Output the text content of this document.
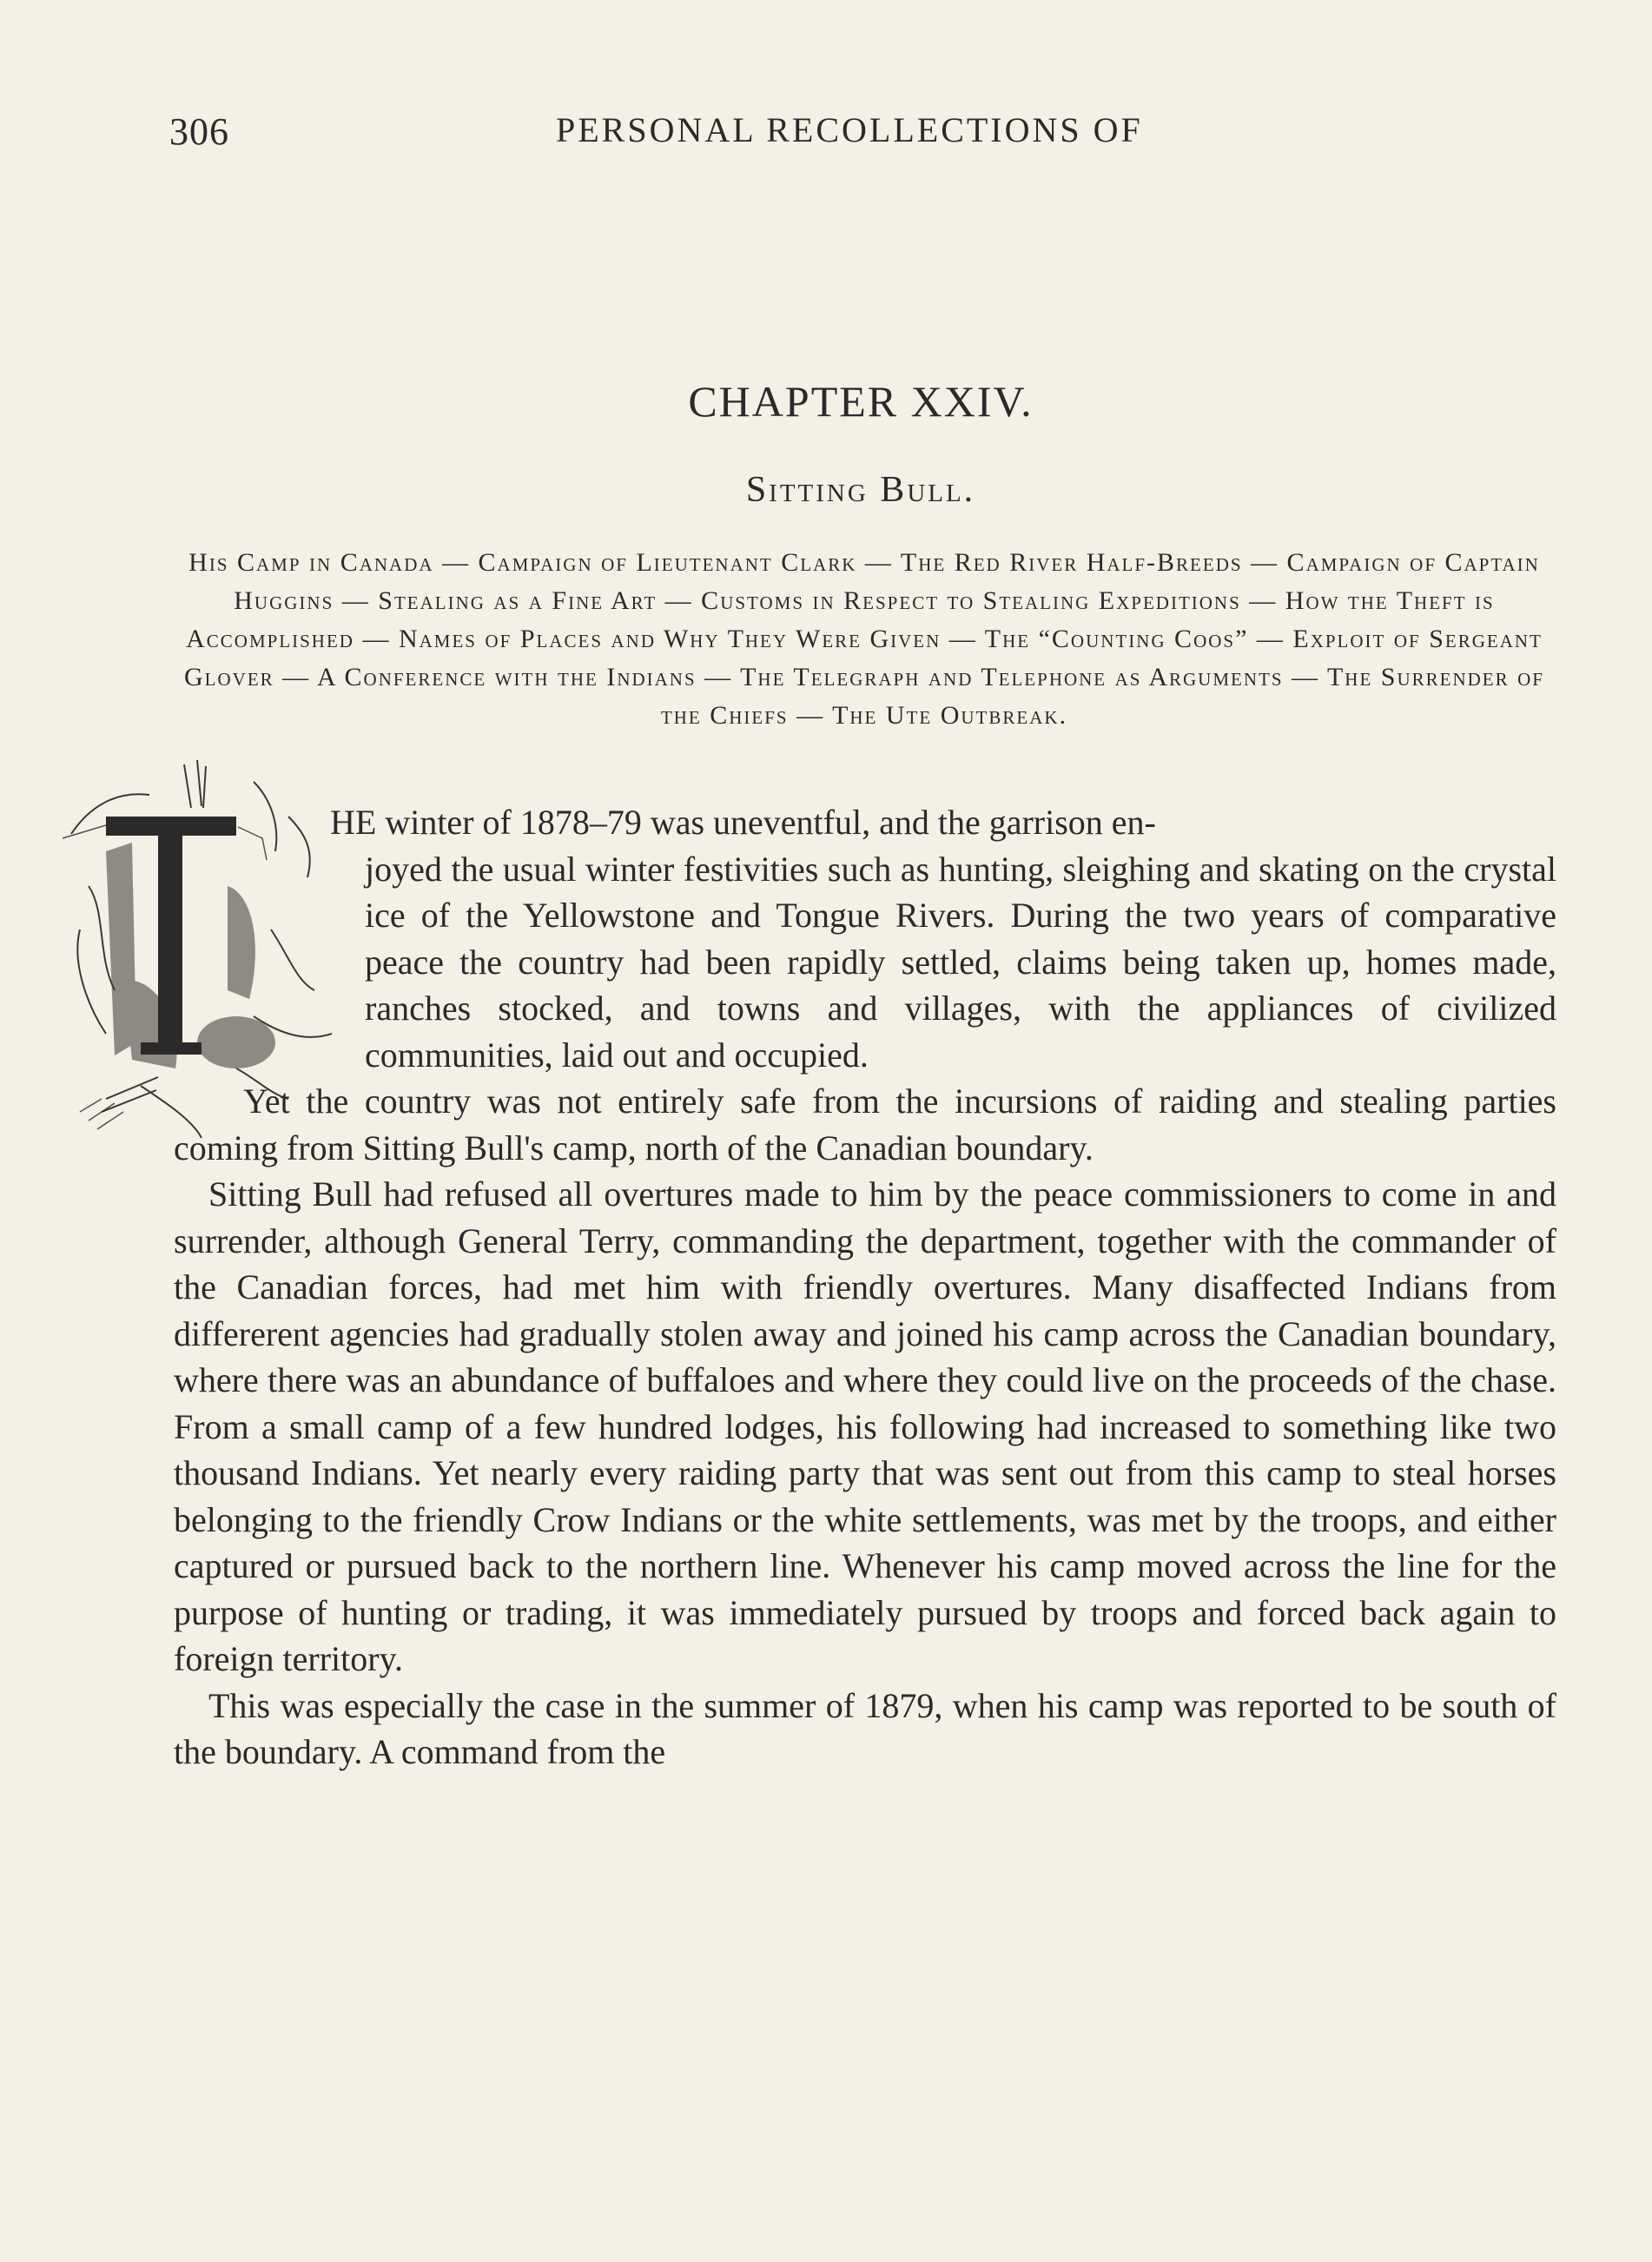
306	PERSONAL RECOLLECTIONS OF
CHAPTER XXIV.
Sitting Bull.

His Camp in Canada — Campaign of Lieutenant Clark — The Red River Half-Breeds — Campaign of Captain Huggins — Stealing as a Fine Art — Customs in Respect to Stealing Expeditions — How the Theft is Accomplished — Names of Places and Why They Were Given — The “Counting Coos” — Exploit of Sergeant Glover — A Conference with the Indians — The Telegraph and Telephone as Arguments — The Surrender of the Chiefs — The Ute Outbreak.

HE winter of 1878–79 was uneventful, and the garrison en-
joyed the usual winter festivities such as hunting, sleighing and skating on the crystal ice of the Yellowstone and Tongue Rivers. During the two years of comparative peace the country had been rapidly settled, claims being taken up, homes made, ranches stocked, and towns and villages, with the appliances of civilized communities, laid out and occupied.

Yet the country was not entirely safe from the incursions of raiding and stealing parties coming from Sitting Bull's camp, north of the Canadian boundary.

Sitting Bull had refused all overtures made to him by the peace commissioners to come in and surrender, although General Terry, commanding the department, together with the commander of the Canadian forces, had met him with friendly overtures. Many disaffected Indians from differerent agencies had gradually stolen away and joined his camp across the Canadian boundary, where there was an abundance of buffaloes and where they could live on the proceeds of the chase. From a small camp of a few hundred lodges, his following had increased to something like two thousand Indians. Yet nearly every raiding party that was sent out from this camp to steal horses belonging to the friendly Crow Indians or the white settlements, was met by the troops, and either captured or pursued back to the northern line. Whenever his camp moved across the line for the purpose of hunting or trading, it was immediately pursued by troops and forced back again to foreign territory.

This was especially the case in the summer of 1879, when his camp was reported to be south of the boundary. A command from the
